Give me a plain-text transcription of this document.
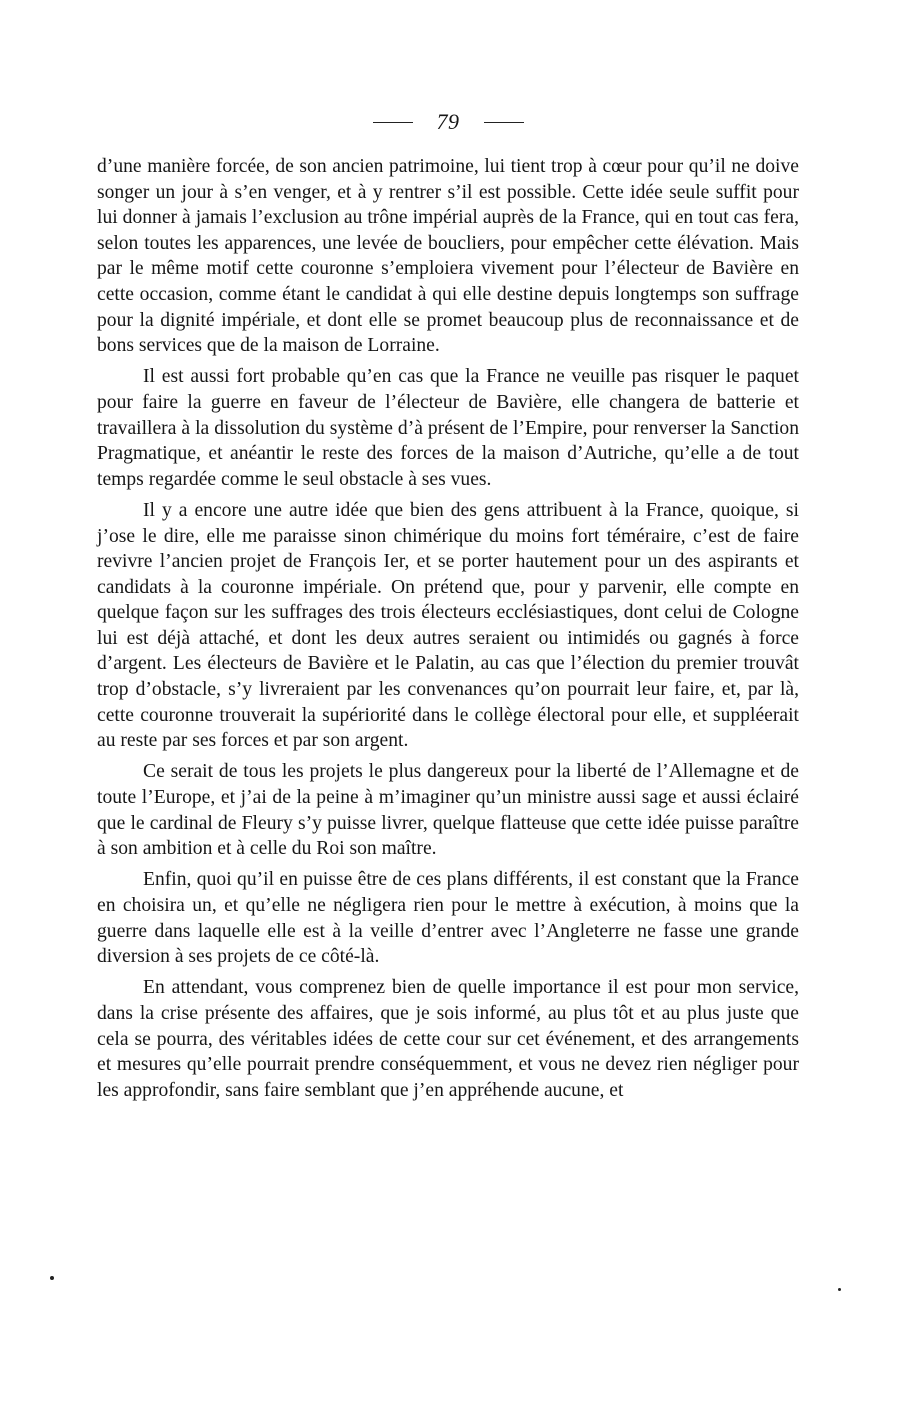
79

d’une manière forcée, de son ancien patrimoine, lui tient trop à cœur pour qu’il ne doive songer un jour à s’en venger, et à y rentrer s’il est possible. Cette idée seule suffit pour lui donner à jamais l’exclusion au trône impérial auprès de la France, qui en tout cas fera, selon toutes les apparences, une levée de boucliers, pour empêcher cette élévation. Mais par le même motif cette couronne s’emploiera vivement pour l’électeur de Bavière en cette occasion, comme étant le candidat à qui elle destine depuis longtemps son suffrage pour la dignité impériale, et dont elle se promet beaucoup plus de reconnaissance et de bons services que de la maison de Lorraine.

Il est aussi fort probable qu’en cas que la France ne veuille pas risquer le paquet pour faire la guerre en faveur de l’électeur de Bavière, elle changera de batterie et travaillera à la dissolution du système d’à présent de l’Empire, pour renverser la Sanction Pragmatique, et anéantir le reste des forces de la maison d’Autriche, qu’elle a de tout temps regardée comme le seul obstacle à ses vues.

Il y a encore une autre idée que bien des gens attribuent à la France, quoique, si j’ose le dire, elle me paraisse sinon chimérique du moins fort téméraire, c’est de faire revivre l’ancien projet de François Ier, et se porter hautement pour un des aspirants et candidats à la couronne impériale. On prétend que, pour y parvenir, elle compte en quelque façon sur les suffrages des trois électeurs ecclésiastiques, dont celui de Cologne lui est déjà attaché, et dont les deux autres seraient ou intimidés ou gagnés à force d’argent. Les électeurs de Bavière et le Palatin, au cas que l’élection du premier trouvât trop d’obstacle, s’y livreraient par les convenances qu’on pourrait leur faire, et, par là, cette couronne trouverait la supériorité dans le collège électoral pour elle, et suppléerait au reste par ses forces et par son argent.

Ce serait de tous les projets le plus dangereux pour la liberté de l’Allemagne et de toute l’Europe, et j’ai de la peine à m’imaginer qu’un ministre aussi sage et aussi éclairé que le cardinal de Fleury s’y puisse livrer, quelque flatteuse que cette idée puisse paraître à son ambition et à celle du Roi son maître.

Enfin, quoi qu’il en puisse être de ces plans différents, il est constant que la France en choisira un, et qu’elle ne négligera rien pour le mettre à exécution, à moins que la guerre dans laquelle elle est à la veille d’entrer avec l’Angleterre ne fasse une grande diversion à ses projets de ce côté-là.

En attendant, vous comprenez bien de quelle importance il est pour mon service, dans la crise présente des affaires, que je sois informé, au plus tôt et au plus juste que cela se pourra, des véritables idées de cette cour sur cet événement, et des arrangements et mesures qu’elle pourrait prendre conséquemment, et vous ne devez rien négliger pour les approfondir, sans faire semblant que j’en appréhende aucune, et
